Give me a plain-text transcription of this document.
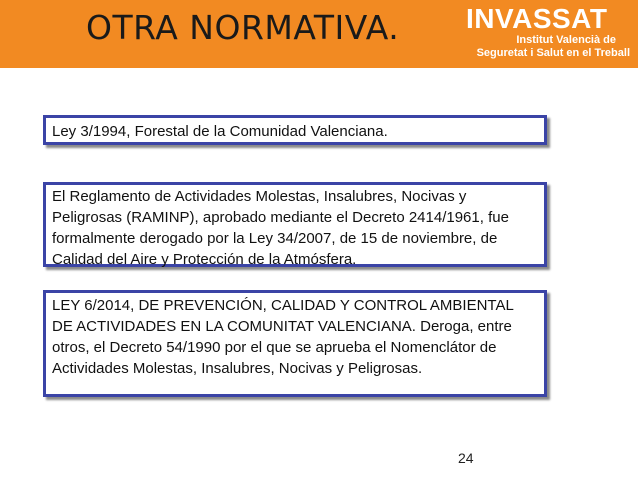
OTRA NORMATIVA. INVASSAT
Institut Valencià de
Seguretat i Salut en el Treball

Ley 3/1994, Forestal de la Comunidad Valenciana.

El Reglamento de Actividades Molestas, Insalubres, Nocivas y Peligrosas (RAMINP), aprobado mediante el Decreto 2414/1961, fue formalmente derogado por la Ley 34/2007, de 15 de noviembre, de Calidad del Aire y Protección de la Atmósfera.

LEY 6/2014, DE PREVENCIÓN, CALIDAD Y CONTROL AMBIENTAL DE ACTIVIDADES EN LA COMUNITAT VALENCIANA. Deroga, entre otros, el Decreto 54/1990 por el que se aprueba el Nomenclátor de Actividades Molestas, Insalubres, Nocivas y Peligrosas.

24
